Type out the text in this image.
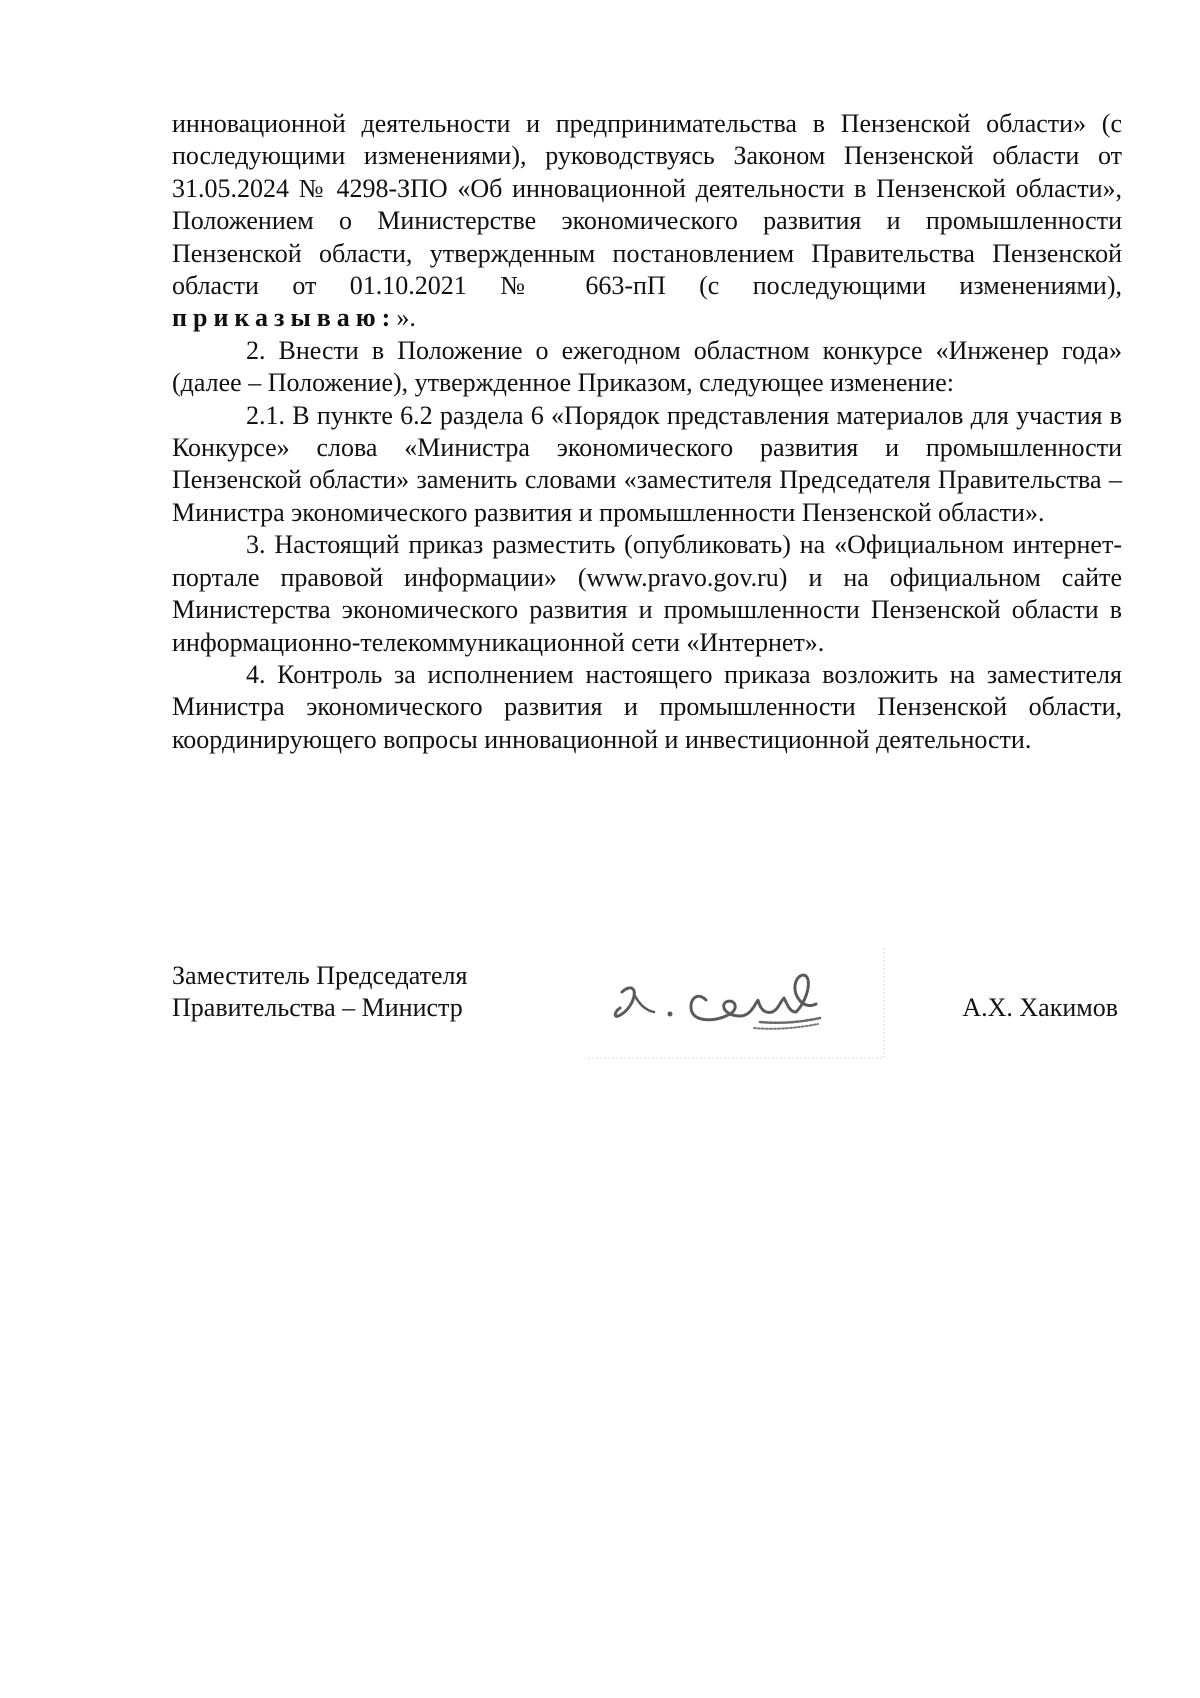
инновационной деятельности и предпринимательства в Пензенской области» (с последующими изменениями), руководствуясь Законом Пензенской области от 31.05.2024 № 4298-ЗПО «Об инновационной деятельности в Пензенской области», Положением о Министерстве экономического развития и промышленности Пензенской области, утвержденным постановлением Правительства Пензенской области от 01.10.2021 № 663-пП (с последующими изменениями), приказываю:».

2. Внести в Положение о ежегодном областном конкурсе «Инженер года» (далее – Положение), утвержденное Приказом, следующее изменение:

2.1. В пункте 6.2 раздела 6 «Порядок представления материалов для участия в Конкурсе» слова «Министра экономического развития и промышленности Пензенской области» заменить словами «заместителя Председателя Правительства – Министра экономического развития и промышленности Пензенской области».

3. Настоящий приказ разместить (опубликовать) на «Официальном интернет-портале правовой информации» (www.pravo.gov.ru) и на официальном сайте Министерства экономического развития и промышленности Пензенской области в информационно-телекоммуникационной сети «Интернет».

4. Контроль за исполнением настоящего приказа возложить на заместителя Министра экономического развития и промышленности Пензенской области, координирующего вопросы инновационной и инвестиционной деятельности.

Заместитель Председателя
Правительства – Министр	А.Х. Хакимов
